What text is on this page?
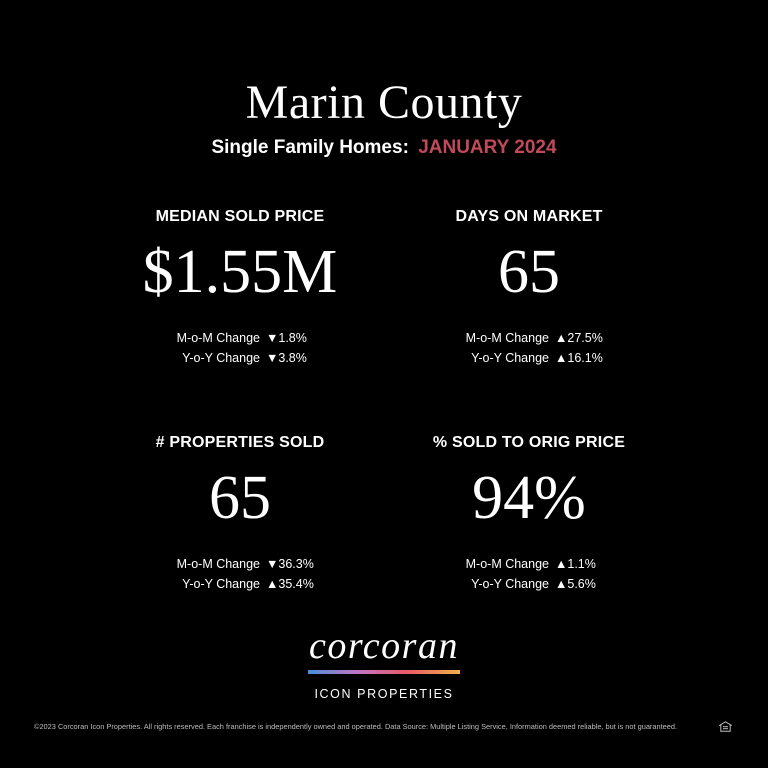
Marin County
Single Family Homes: JANUARY 2024
MEDIAN SOLD PRICE
$1.55M
M-o-M Change ▼1.8%
Y-o-Y Change ▼3.8%
DAYS ON MARKET
65
M-o-M Change ▲27.5%
Y-o-Y Change ▲16.1%
# PROPERTIES SOLD
65
M-o-M Change ▼36.3%
Y-o-Y Change ▲35.4%
% SOLD TO ORIG PRICE
94%
M-o-M Change ▲1.1%
Y-o-Y Change ▲5.6%
corcoran
ICON PROPERTIES
©2023 Corcoran Icon Properties. All rights reserved. Each franchise is independently owned and operated. Data Source: Multiple Listing Service, Information deemed reliable, but is not guaranteed.
